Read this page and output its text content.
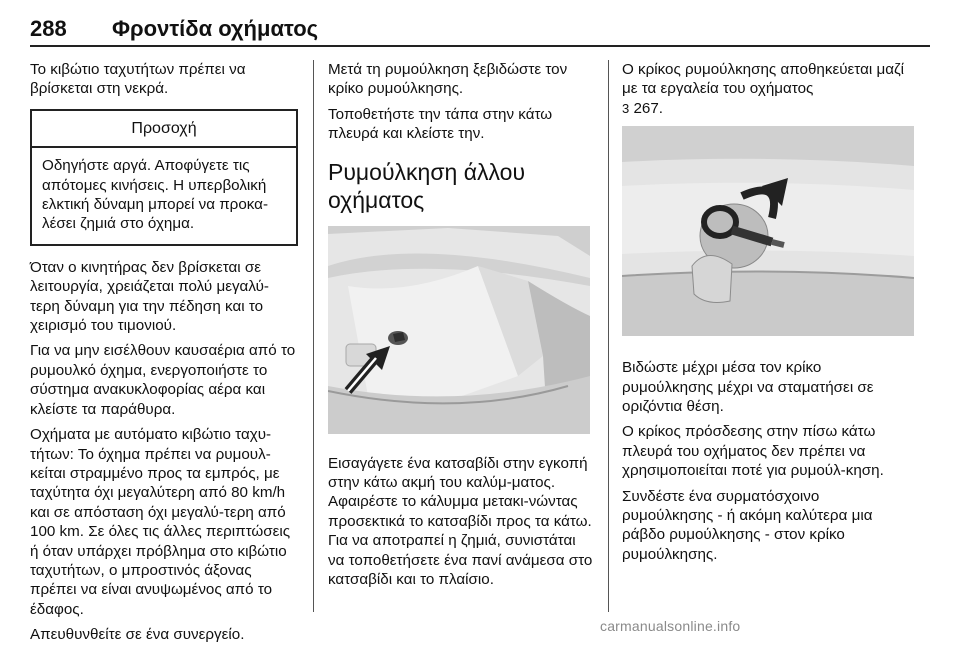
288 Φροντίδα οχήματος

Το κιβώτιο ταχυτήτων πρέπει να βρίσκεται στη νεκρά.

Προσοχή
Οδηγήστε αργά. Αποφύγετε τις απότομες κινήσεις. Η υπερβολική ελκτική δύναμη μπορεί να προκα-λέσει ζημιά στο όχημα.

Όταν ο κινητήρας δεν βρίσκεται σε λειτουργία, χρειάζεται πολύ μεγαλύ-τερη δύναμη για την πέδηση και το χειρισμό του τιμονιού.

Για να μην εισέλθουν καυσαέρια από το ρυμουλκό όχημα, ενεργοποιήστε το σύστημα ανακυκλοφορίας αέρα και κλείστε τα παράθυρα.

Οχήματα με αυτόματο κιβώτιο ταχυ-τήτων: Το όχημα πρέπει να ρυμουλ-κείται στραμμένο προς τα εμπρός, με ταχύτητα όχι μεγαλύτερη από 80 km/h και σε απόσταση όχι μεγαλύ-τερη από 100 km. Σε όλες τις άλλες περιπτώσεις ή όταν υπάρχει πρόβλημα στο κιβώτιο ταχυτήτων, ο μπροστινός άξονας πρέπει να είναι ανυψωμένος από το έδαφος.

Απευθυνθείτε σε ένα συνεργείο.

Μετά τη ρυμούλκηση ξεβιδώστε τον κρίκο ρυμούλκησης.

Τοποθετήστε την τάπα στην κάτω πλευρά και κλείστε την.

Ρυμούλκηση άλλου οχήματος

Εισαγάγετε ένα κατσαβίδι στην εγκοπή στην κάτω ακμή του καλύμ-ματος. Αφαιρέστε το κάλυμμα μετακι-νώντας προσεκτικά το κατσαβίδι προς τα κάτω. Για να αποτραπεί η ζημιά, συνιστάται να τοποθετήσετε ένα πανί ανάμεσα στο κατσαβίδι και το πλαίσιο.

Ο κρίκος ρυμούλκησης αποθηκεύεται μαζί με τα εργαλεία του οχήματος
3 267.

Βιδώστε μέχρι μέσα τον κρίκο ρυμούλκησης μέχρι να σταματήσει σε οριζόντια θέση.

Ο κρίκος πρόσδεσης στην πίσω κάτω πλευρά του οχήματος δεν πρέπει να χρησιμοποιείται ποτέ για ρυμούλ-κηση.

Συνδέστε ένα συρματόσχοινο ρυμούλκησης - ή ακόμη καλύτερα μια ράβδο ρυμούλκησης - στον κρίκο ρυμούλκησης.

carmanualsonline.info
